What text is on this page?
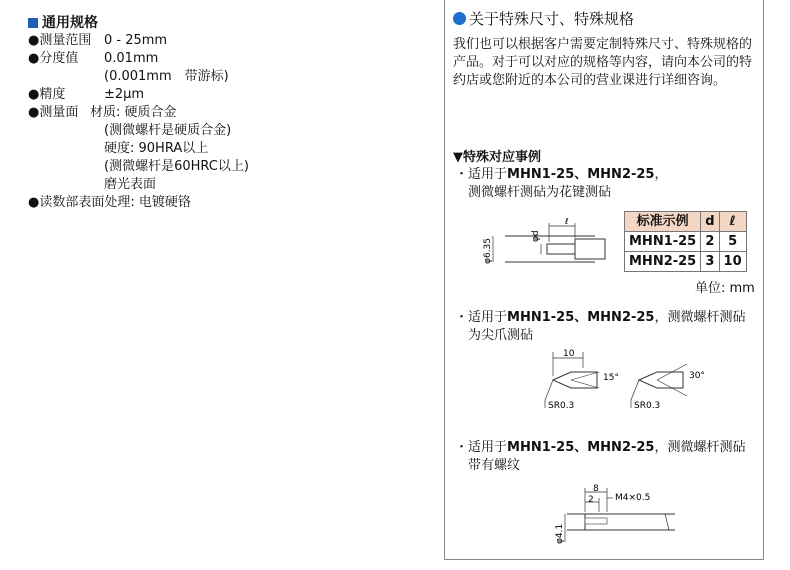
通用规格
●测量范围 0 - 25mm
●分度值	0.01mm
(0.001mm　带游标)
●精度	±2μm
●测量面 材质: 硬质合金
(测微螺杆是硬质合金)
硬度: 90HRA以上
(测微螺杆是60HRC以上)
磨光表面
●读数部表面处理: 电镀硬铬
关于特殊尺寸、特殊规格
我们也可以根据客户需要定制特殊尺寸、特殊规格的产品。对于可以对应的规格等内容，请向本公司的特约店或您附近的本公司的营业课进行详细咨询。
▼特殊对应事例
・适用于MHN1-25、MHN2-25，
　测微螺杆测砧为花键测砧
ℓ
φ6.35
φd
标准示例	d	ℓ
MHN1-25	2	5
MHN2-25	3	10
单位: mm
・适用于MHN1-25、MHN2-25，测微螺杆测砧
　为尖爪测砧
10
15°	30°
SR0.3	SR0.3
・适用于MHN1-25、MHN2-25，测微螺杆测砧
　带有螺纹
8
2 M4×0.5
φ4.1
